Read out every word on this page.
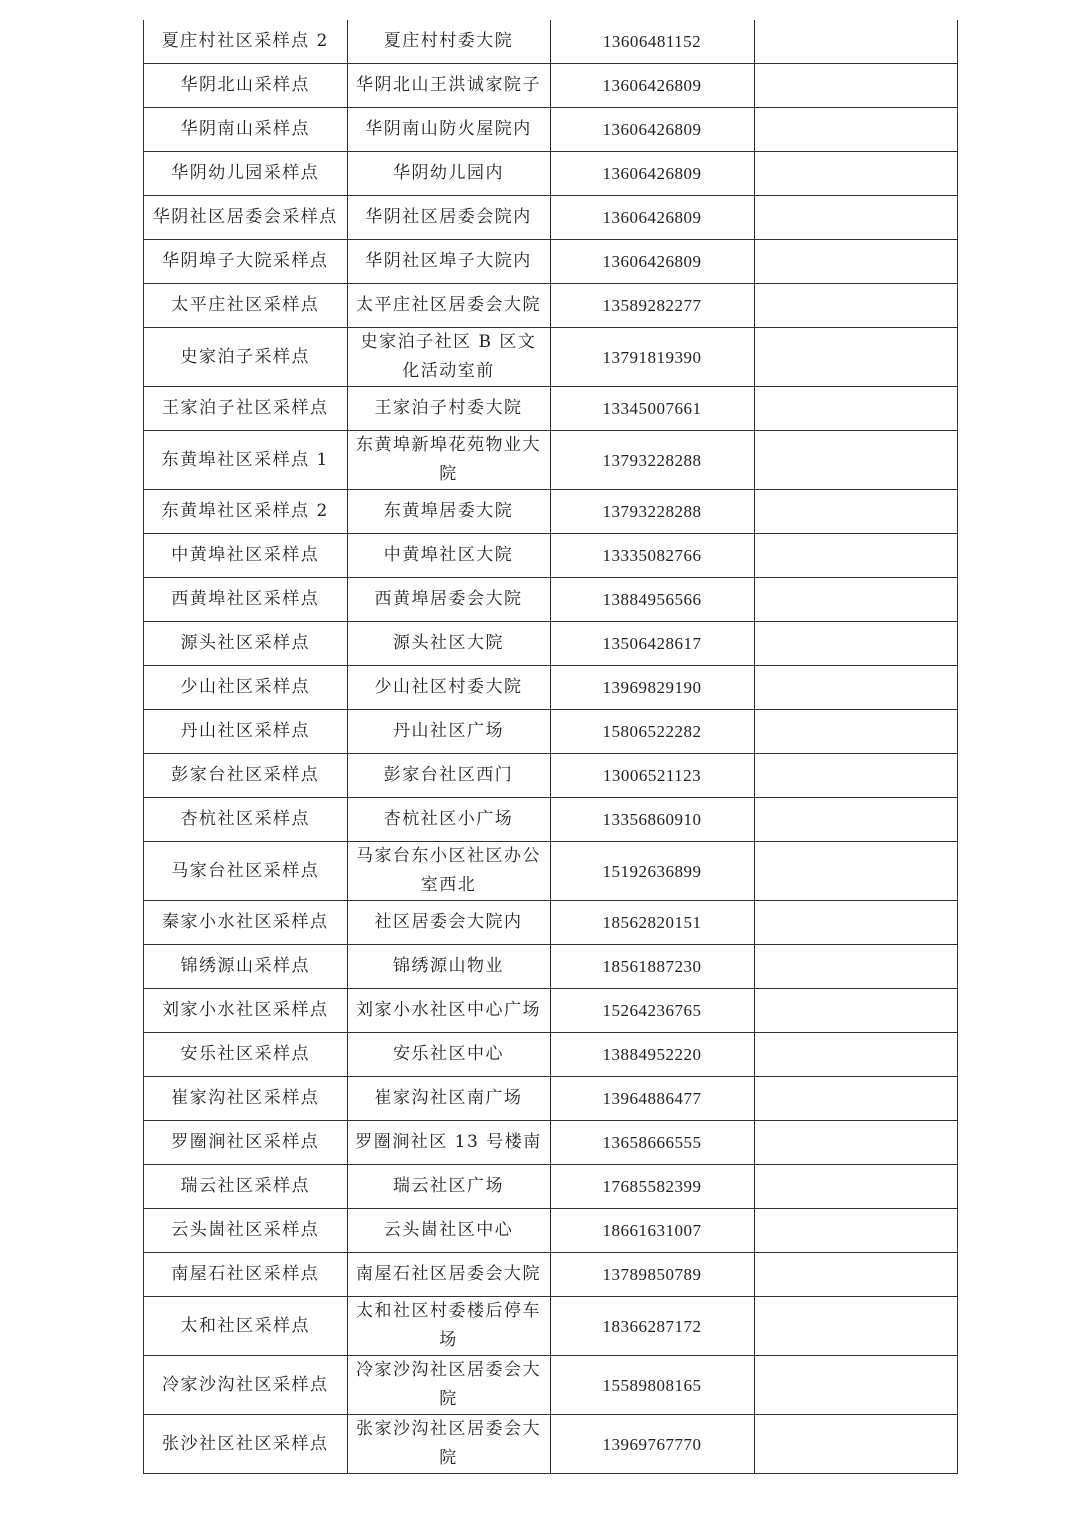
夏庄村社区采样点 2	夏庄村村委大院	13606481152	
华阴北山采样点	华阴北山王洪诚家院子	13606426809	
华阴南山采样点	华阴南山防火屋院内	13606426809	
华阴幼儿园采样点	华阴幼儿园内	13606426809	
华阴社区居委会采样点	华阴社区居委会院内	13606426809	
华阴埠子大院采样点	华阴社区埠子大院内	13606426809	
太平庄社区采样点	太平庄社区居委会大院	13589282277	
史家泊子采样点	史家泊子社区 B 区文化活动室前	13791819390	
王家泊子社区采样点	王家泊子村委大院	13345007661	
东黄埠社区采样点 1	东黄埠新埠花苑物业大院	13793228288	
东黄埠社区采样点 2	东黄埠居委大院	13793228288	
中黄埠社区采样点	中黄埠社区大院	13335082766	
西黄埠社区采样点	西黄埠居委会大院	13884956566	
源头社区采样点	源头社区大院	13506428617	
少山社区采样点	少山社区村委大院	13969829190	
丹山社区采样点	丹山社区广场	15806522282	
彭家台社区采样点	彭家台社区西门	13006521123	
杏杭社区采样点	杏杭社区小广场	13356860910	
马家台社区采样点	马家台东小区社区办公室西北	15192636899	
秦家小水社区采样点	社区居委会大院内	18562820151	
锦绣源山采样点	锦绣源山物业	18561887230	
刘家小水社区采样点	刘家小水社区中心广场	15264236765	
安乐社区采样点	安乐社区中心	13884952220	
崔家沟社区采样点	崔家沟社区南广场	13964886477	
罗圈涧社区采样点	罗圈涧社区 13 号楼南	13658666555	
瑞云社区采样点	瑞云社区广场	17685582399	
云头崮社区采样点	云头崮社区中心	18661631007	
南屋石社区采样点	南屋石社区居委会大院	13789850789	
太和社区采样点	太和社区村委楼后停车场	18366287172	
冷家沙沟社区采样点	冷家沙沟社区居委会大院	15589808165	
张沙社区社区采样点	张家沙沟社区居委会大院	13969767770	
